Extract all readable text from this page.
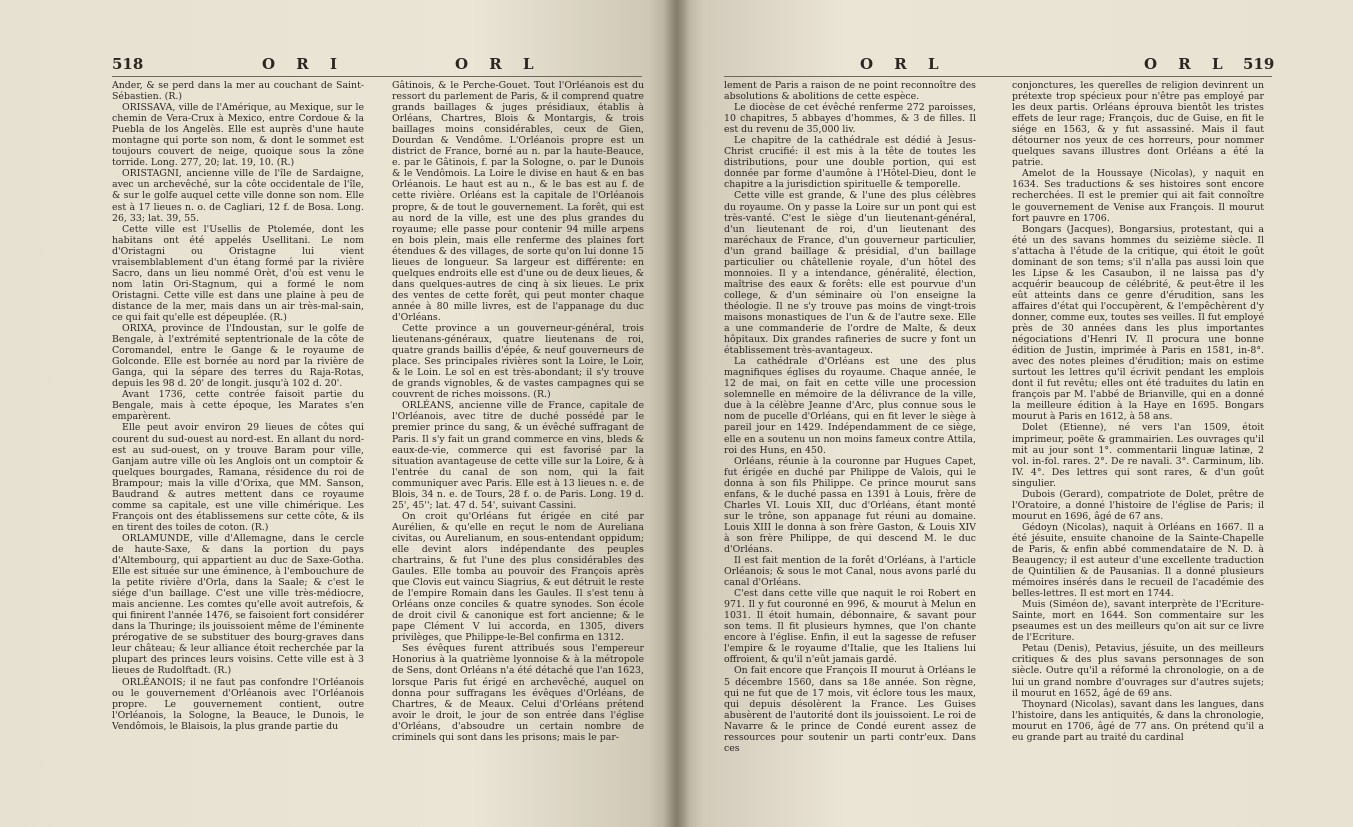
518	O R I	O R L

Ander, & se perd dans la mer au couchant de Saint-Sébastien. (R.)

ORISSAVA, ville de l'Amérique, au Mexique, sur le chemin de Vera-Crux à Mexico, entre Cordoue & la Puebla de los Angelès. Elle est auprès d'une haute montagne qui porte son nom, & dont le sommet est toujours couvert de neige, quoique sous la zône torride. Long. 277, 20; lat. 19, 10. (R.)

ORISTAGNI, ancienne ville de l'île de Sardaigne, avec un archevêché, sur la côte occidentale de l'île, & sur le golfe auquel cette ville donne son nom. Elle est à 17 lieues n. o. de Cagliari, 12 f. de Bosa. Long. 26, 33; lat. 39, 55.

Cette ville est l'Usellis de Ptolemée, dont les habitans ont été appelés Usellitani. Le nom d'Oristagni ou Oristagne lui vient vraisemblablement d'un étang formé par la rivière Sacro, dans un lieu nommé Orèt, d'où est venu le nom latin Ori-Stagnum, qui a formé le nom Oristagni. Cette ville est dans une plaine à peu de distance de la mer, mais dans un air très-mal-sain, ce qui fait qu'elle est dépeuplée. (R.)

ORIXA, province de l'Indoustan, sur le golfe de Bengale, à l'extrémité septentrionale de la côte de Coromandel, entre le Gange & le royaume de Golconde. Elle est bornée au nord par la rivière de Ganga, qui la sépare des terres du Raja-Rotas, depuis les 98 d. 20' de longit. jusqu'à 102 d. 20'.

Avant 1736, cette contrée faisoit partie du Bengale, mais à cette époque, les Marates s'en emparèrent.

Elle peut avoir environ 29 lieues de côtes qui courent du sud-ouest au nord-est. En allant du nord-est au sud-ouest, on y trouve Baram pour ville, Ganjam autre ville où les Anglois ont un comptoir & quelques bourgades, Ramana, résidence du roi de Brampour; mais la ville d'Orixa, que MM. Sanson, Baudrand & autres mettent dans ce royaume comme sa capitale, est une ville chimérique. Les François ont des établissemens sur cette côte, & ils en tirent des toiles de coton. (R.)

ORLAMUNDE, ville d'Allemagne, dans le cercle de haute-Saxe, & dans la portion du pays d'Altembourg, qui appartient au duc de Saxe-Gotha. Elle est située sur une éminence, à l'embouchure de la petite rivière d'Orla, dans la Saale; & c'est le siége d'un baillage. C'est une ville très-médiocre, mais ancienne. Les comtes qu'elle avoit autrefois, & qui finirent l'année 1476, se faisoient fort considérer dans la Thuringe; ils jouissoient même de l'éminente prérogative de se substituer des bourg-graves dans leur château; & leur alliance étoit recherchée par la plupart des princes leurs voisins. Cette ville est à 3 lieues de Rudolftadt. (R.)

ORLÉANOIS; il ne faut pas confondre l'Orléanois ou le gouvernement d'Orléanois avec l'Orléanois propre. Le gouvernement contient, outre l'Orléanois, la Sologne, la Beauce, le Dunois, le Vendômois, le Blaisois, la plus grande partie du

Gâtinois, & le Perche-Gouet. Tout l'Orléanois est du ressort du parlement de Paris, & il comprend quatre grands baillages & juges présidiaux, établis à Orléans, Chartres, Blois & Montargis, & trois baillages moins considérables, ceux de Gien, Dourdan & Vendôme. L'Orléanois propre est un district de France, borné au n. par la haute-Beauce, e. par le Gâtinois, f. par la Sologne, o. par le Dunois & le Vendômois. La Loire le divise en haut & en bas Orléanois. Le haut est au n., & le bas est au f. de cette rivière. Orléans est la capitale de l'Orléanois propre, & de tout le gouvernement. La forêt, qui est au nord de la ville, est une des plus grandes du royaume; elle passe pour contenir 94 mille arpens en bois plein, mais elle renferme des plaines fort étendues & des villages, de sorte qu'on lui donne 15 lieues de longueur. Sa largeur est différente: en quelques endroits elle est d'une ou de deux lieues, & dans quelques-autres de cinq à six lieues. Le prix des ventes de cette forêt, qui peut monter chaque année à 80 mille livres, est de l'appanage du duc d'Orléans.

Cette province a un gouverneur-général, trois lieutenans-généraux, quatre lieutenans de roi, quatre grands baillis d'épée, & neuf gouverneurs de place. Ses principales rivières sont la Loire, le Loir, & le Loin. Le sol en est très-abondant; il s'y trouve de grands vignobles, & de vastes campagnes qui se couvrent de riches moissons. (R.)

ORLÉANS, ancienne ville de France, capitale de l'Orléanois, avec titre de duché possédé par le premier prince du sang, & un évêché suffragant de Paris. Il s'y fait un grand commerce en vins, bleds & eaux-de-vie, commerce qui est favorisé par la situation avantageuse de cette ville sur la Loire, & à l'entrée du canal de son nom, qui la fait communiquer avec Paris. Elle est à 13 lieues n. e. de Blois, 34 n. e. de Tours, 28 f. o. de Paris. Long. 19 d. 25', 45''; lat. 47 d. 54', suivant Cassini.

On croit qu'Orléans fut érigée en cité par Aurélien, & qu'elle en reçut le nom de Aureliana civitas, ou Aurelianum, en sous-entendant oppidum; elle devint alors indépendante des peuples chartrains, & fut l'une des plus considérables des Gaules. Elle tomba au pouvoir des François après que Clovis eut vaincu Siagrius, & eut détruit le reste de l'empire Romain dans les Gaules. Il s'est tenu à Orléans onze conciles & quatre synodes. Son école de droit civil & canonique est fort ancienne; & le pape Clément V lui accorda, en 1305, divers privilèges, que Philippe-le-Bel confirma en 1312.

Ses évêques furent attribués sous l'empereur Honorius à la quatrième lyonnoise & à la métropole de Sens, dont Orléans n'a été détaché que l'an 1623, lorsque Paris fut érigé en archevêché, auquel on donna pour suffragans les évêques d'Orléans, de Chartres, & de Meaux. Celui d'Orléans prétend avoir le droit, le jour de son entrée dans l'église d'Orléans, d'absoudre un certain nombre de criminels qui sont dans les prisons; mais le par-

O R L	O R L 519

lement de Paris a raison de ne point reconnoître des absolutions & abolitions de cette espèce.

Le diocèse de cet évêché renferme 272 paroisses, 10 chapitres, 5 abbayes d'hommes, & 3 de filles. Il est du revenu de 35,000 liv.

Le chapitre de la cathédrale est dédié à Jesus-Christ crucifié: il est mis à la tête de toutes les distributions, pour une double portion, qui est donnée par forme d'aumône à l'Hôtel-Dieu, dont le chapitre a la jurisdiction spirituelle & temporelle.

Cette ville est grande, & l'une des plus célèbres du royaume. On y passe la Loire sur un pont qui est très-vanté. C'est le siège d'un lieutenant-général, d'un lieutenant de roi, d'un lieutenant des maréchaux de France, d'un gouverneur particulier, d'un grand baillage & présidial, d'un baillage particulier ou châtellenie royale, d'un hôtel des monnoies. Il y a intendance, généralité, élection, maîtrise des eaux & forêts: elle est pourvue d'un college, & d'un séminaire où l'on enseigne la théologie. Il ne s'y trouve pas moins de vingt-trois maisons monastiques de l'un & de l'autre sexe. Elle a une commanderie de l'ordre de Malte, & deux hôpitaux. Dix grandes rafineries de sucre y font un établissement très-avantageux.

La cathédrale d'Orléans est une des plus magnifiques églises du royaume. Chaque année, le 12 de mai, on fait en cette ville une procession solemnelle en mémoire de la délivrance de la ville, due à la célèbre Jeanne d'Arc, plus connue sous le nom de pucelle d'Orléans, qui en fit lever le siège à pareil jour en 1429. Indépendamment de ce siège, elle en a soutenu un non moins fameux contre Attila, roi des Huns, en 450.

Orléans, réunie à la couronne par Hugues Capet, fut érigée en duché par Philippe de Valois, qui le donna à son fils Philippe. Ce prince mourut sans enfans, & le duché passa en 1391 à Louis, frère de Charles VI. Louis XII, duc d'Orléans, étant monté sur le trône, son appanage fut réuni au domaine. Louis XIII le donna à son frère Gaston, & Louis XIV à son frère Philippe, de qui descend M. le duc d'Orléans.

Il est fait mention de la forêt d'Orléans, à l'article Orléanois; & sous le mot Canal, nous avons parlé du canal d'Orléans.

C'est dans cette ville que naquit le roi Robert en 971. Il y fut couronné en 996, & mourut à Melun en 1031. Il étoit humain, débonnaire, & savant pour son tems. Il fit plusieurs hymnes, que l'on chante encore à l'église. Enfin, il eut la sagesse de refuser l'empire & le royaume d'Italie, que les Italiens lui offroient, & qu'il n'eût jamais gardé.

On fait encore que François II mourut à Orléans le 5 décembre 1560, dans sa 18e année. Son règne, qui ne fut que de 17 mois, vit éclore tous les maux, qui depuis désolèrent la France. Les Guises abusèrent de l'autorité dont ils jouissoient. Le roi de Navarre & le prince de Condé eurent assez de ressources pour soutenir un parti contr'eux. Dans ces

conjonctures, les querelles de religion devinrent un prétexte trop spécieux pour n'être pas employé par les deux partis. Orléans éprouva bientôt les tristes effets de leur rage; François, duc de Guise, en fit le siége en 1563, & y fut assassiné. Mais il faut détourner nos yeux de ces horreurs, pour nommer quelques savans illustres dont Orléans a été la patrie.

Amelot de la Houssaye (Nicolas), y naquit en 1634. Ses traductions & ses histoires sont encore recherchées. Il est le premier qui ait fait connoître le gouvernement de Venise aux François. Il mourut fort pauvre en 1706.

Bongars (Jacques), Bongarsius, protestant, qui a été un des savans hommes du seizième siècle. Il s'attacha à l'étude de la critique, qui étoit le goût dominant de son tems; s'il n'alla pas aussi loin que les Lipse & les Casaubon, il ne laissa pas d'y acquérir beaucoup de célébrité, & peut-être il les eût atteints dans ce genre d'érudition, sans les affaires d'état qui l'occupèrent, & l'empêchèrent d'y donner, comme eux, toutes ses veilles. Il fut employé près de 30 années dans les plus importantes négociations d'Henri IV. Il procura une bonne édition de Justin, imprimée à Paris en 1581, in-8°. avec des notes pleines d'érudition; mais on estime surtout les lettres qu'il écrivit pendant les emplois dont il fut revêtu; elles ont été traduites du latin en françois par M. l'abbé de Brianville, qui en a donné la meilleure édition à la Haye en 1695. Bongars mourut à Paris en 1612, à 58 ans.

Dolet (Etienne), né vers l'an 1509, étoit imprimeur, poëte & grammairien. Les ouvrages qu'il mit au jour sont 1°. commentarii linguæ latinæ, 2 vol. in-fol. rares. 2°. De re navali. 3°. Carminum, lib. IV. 4°. Des lettres qui sont rares, & d'un goût singulier.

Dubois (Gerard), compatriote de Dolet, prêtre de l'Oratoire, a donné l'histoire de l'église de Paris; il mourut en 1696, âgé de 67 ans.

Gédoyn (Nicolas), naquit à Orléans en 1667. Il a été jésuite, ensuite chanoine de la Sainte-Chapelle de Paris, & enfin abbé commendataire de N. D. à Beaugency; il est auteur d'une excellente traduction de Quintilien & de Pausanias. Il a donné plusieurs mémoires insérés dans le recueil de l'académie des belles-lettres. Il est mort en 1744.

Muis (Siméon de), savant interprète de l'Ecriture-Sainte, mort en 1644. Son commentaire sur les pseaumes est un des meilleurs qu'on ait sur ce livre de l'Ecriture.

Petau (Denis), Petavius, jésuite, un des meilleurs critiques & des plus savans personnages de son siècle. Outre qu'il a réformé la chronologie, on a de lui un grand nombre d'ouvrages sur d'autres sujets; il mourut en 1652, âgé de 69 ans.

Thoynard (Nicolas), savant dans les langues, dans l'histoire, dans les antiquités, & dans la chronologie, mourut en 1706, âgé de 77 ans. On prétend qu'il a eu grande part au traité du cardinal
